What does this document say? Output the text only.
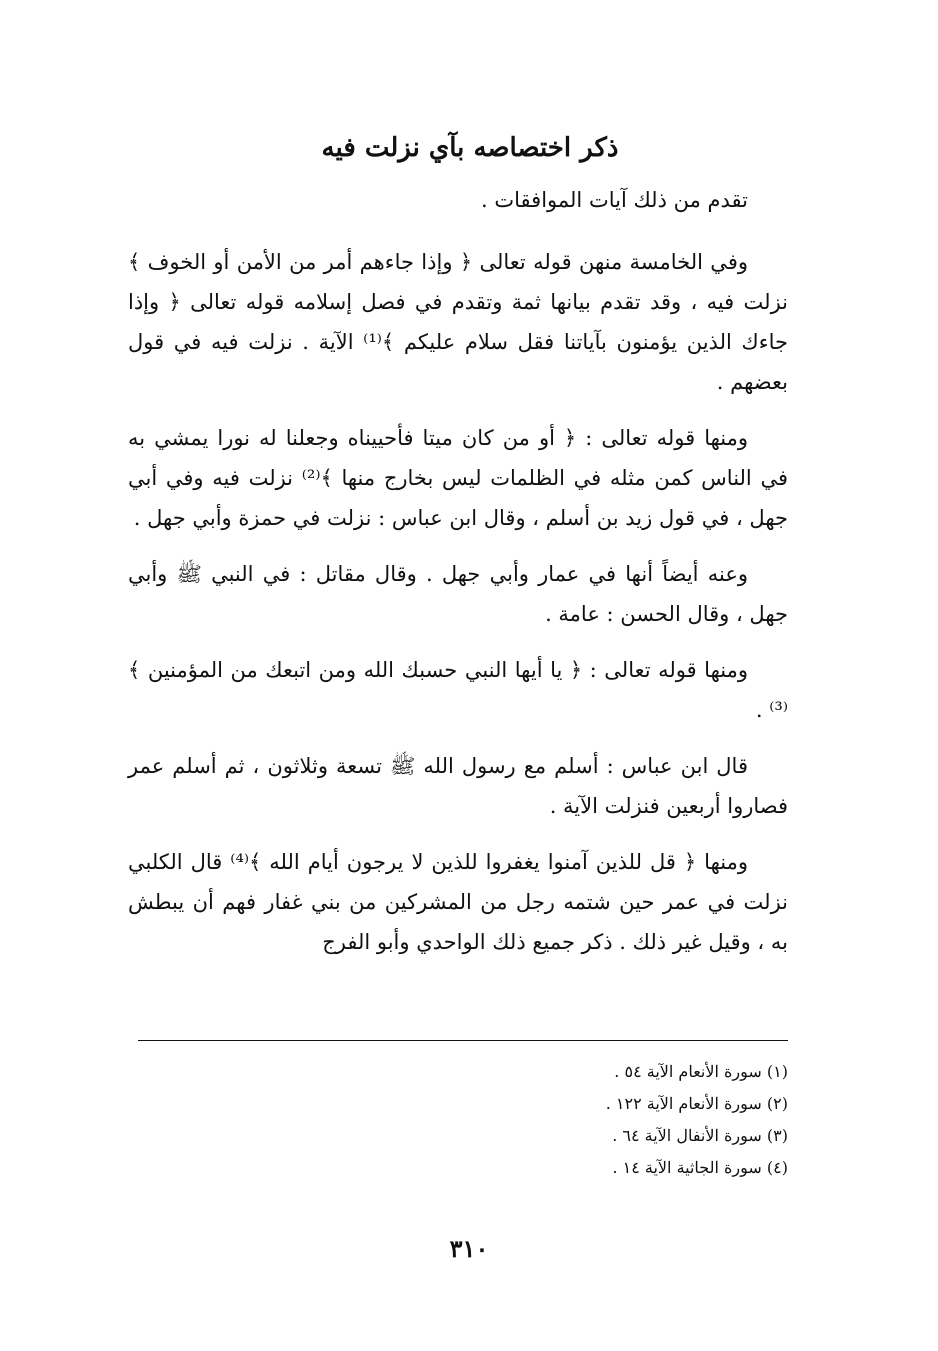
ذكر اختصاصه بآي نزلت فيه

تقدم من ذلك آيات الموافقات .

وفي الخامسة منهن قوله تعالى ﴿ وإذا جاءهم أمر من الأمن أو الخوف ﴾ نزلت فيه ، وقد تقدم بيانها ثمة وتقدم في فصل إسلامه قوله تعالى ﴿ وإذا جاءك الذين يؤمنون بآياتنا فقل سلام عليكم ﴾⁽¹⁾ الآية . نزلت فيه في قول بعضهم .

ومنها قوله تعالى : ﴿ أو من كان ميتا فأحييناه وجعلنا له نورا يمشي به في الناس كمن مثله في الظلمات ليس بخارج منها ﴾⁽²⁾ نزلت فيه وفي أبي جهل ، في قول زيد بن أسلم ، وقال ابن عباس : نزلت في حمزة وأبي جهل .

وعنه أيضاً أنها في عمار وأبي جهل . وقال مقاتل : في النبي ﷺ وأبي جهل ، وقال الحسن : عامة .

ومنها قوله تعالى : ﴿ يا أيها النبي حسبك الله ومن اتبعك من المؤمنين ﴾⁽³⁾ .

قال ابن عباس : أسلم مع رسول الله ﷺ تسعة وثلاثون ، ثم أسلم عمر فصاروا أربعين فنزلت الآية .

ومنها ﴿ قل للذين آمنوا يغفروا للذين لا يرجون أيام الله ﴾⁽⁴⁾ قال الكلبي نزلت في عمر حين شتمه رجل من المشركين من بني غفار فهم أن يبطش به ، وقيل غير ذلك . ذكر جميع ذلك الواحدي وأبو الفرج

(١) سورة الأنعام الآية ٥٤ .
(٢) سورة الأنعام الآية ١٢٢ .
(٣) سورة الأنفال الآية ٦٤ .
(٤) سورة الجاثية الآية ١٤ .
٣١٠
